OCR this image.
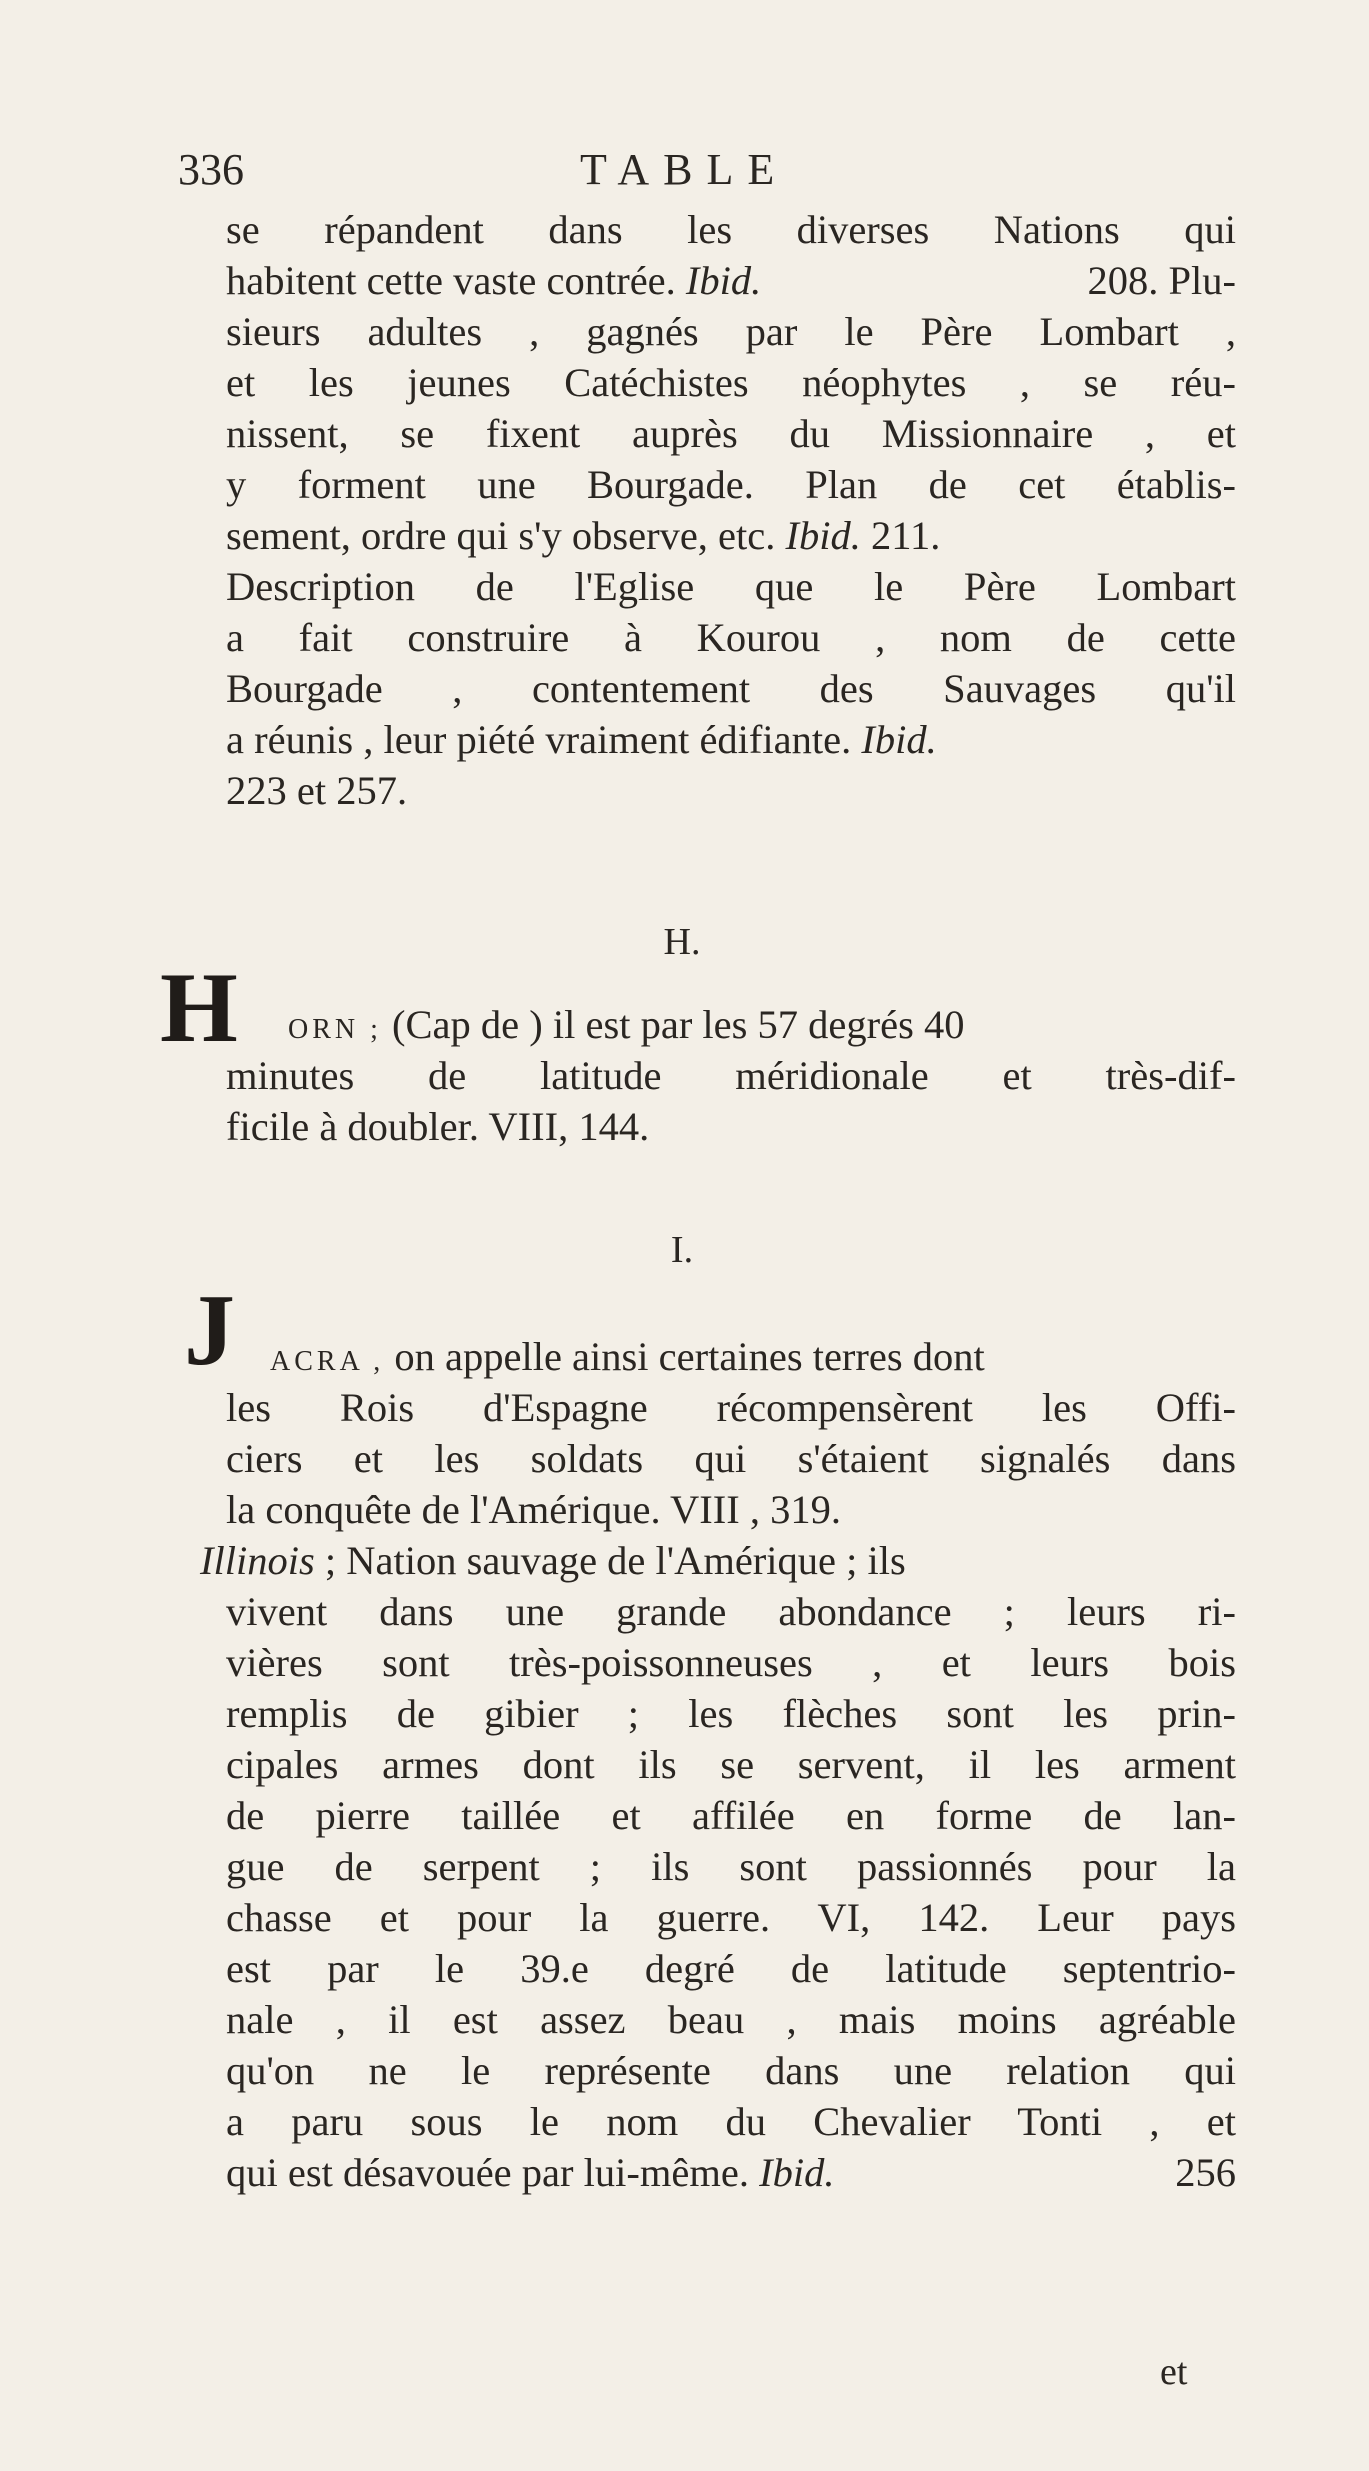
336	TABLE
se répandent dans les diverses Nations qui
habitent cette vaste contrée. Ibid.	208. Plu-
sieurs adultes , gagnés par le Père Lombart ,
et les jeunes Catéchistes néophytes , se réu-
nissent, se fixent auprès du Missionnaire , et
y forment une Bourgade. Plan de cet établis-
sement, ordre qui s'y observe, etc. Ibid. 211.
Description de l'Eglise que le Père Lombart
a fait construire à Kourou , nom de cette
Bourgade , contentement des Sauvages qu'il
a réunis , leur piété vraiment édifiante. Ibid.
223 et 257.
H.
H ORN ; (Cap de ) il est par les 57 degrés 40
minutes de latitude méridionale et très-dif-
ficile à doubler. VIII, 144.
I.
J ACRA , on appelle ainsi certaines terres dont
les Rois d'Espagne récompensèrent les Offi-
ciers et les soldats qui s'étaient signalés dans
la conquête de l'Amérique. VIII , 319.
Illinois ; Nation sauvage de l'Amérique ; ils
vivent dans une grande abondance ; leurs ri-
vières sont très-poissonneuses , et leurs bois
remplis de gibier ; les flèches sont les prin-
cipales armes dont ils se servent, il les arment
de pierre taillée et affilée en forme de lan-
gue de serpent ; ils sont passionnés pour la
chasse et pour la guerre. VI, 142. Leur pays
est par le 39.e degré de latitude septentrio-
nale , il est assez beau , mais moins agréable
qu'on ne le représente dans une relation qui
a paru sous le nom du Chevalier Tonti , et
qui est désavouée par lui-même. Ibid.	256
et
